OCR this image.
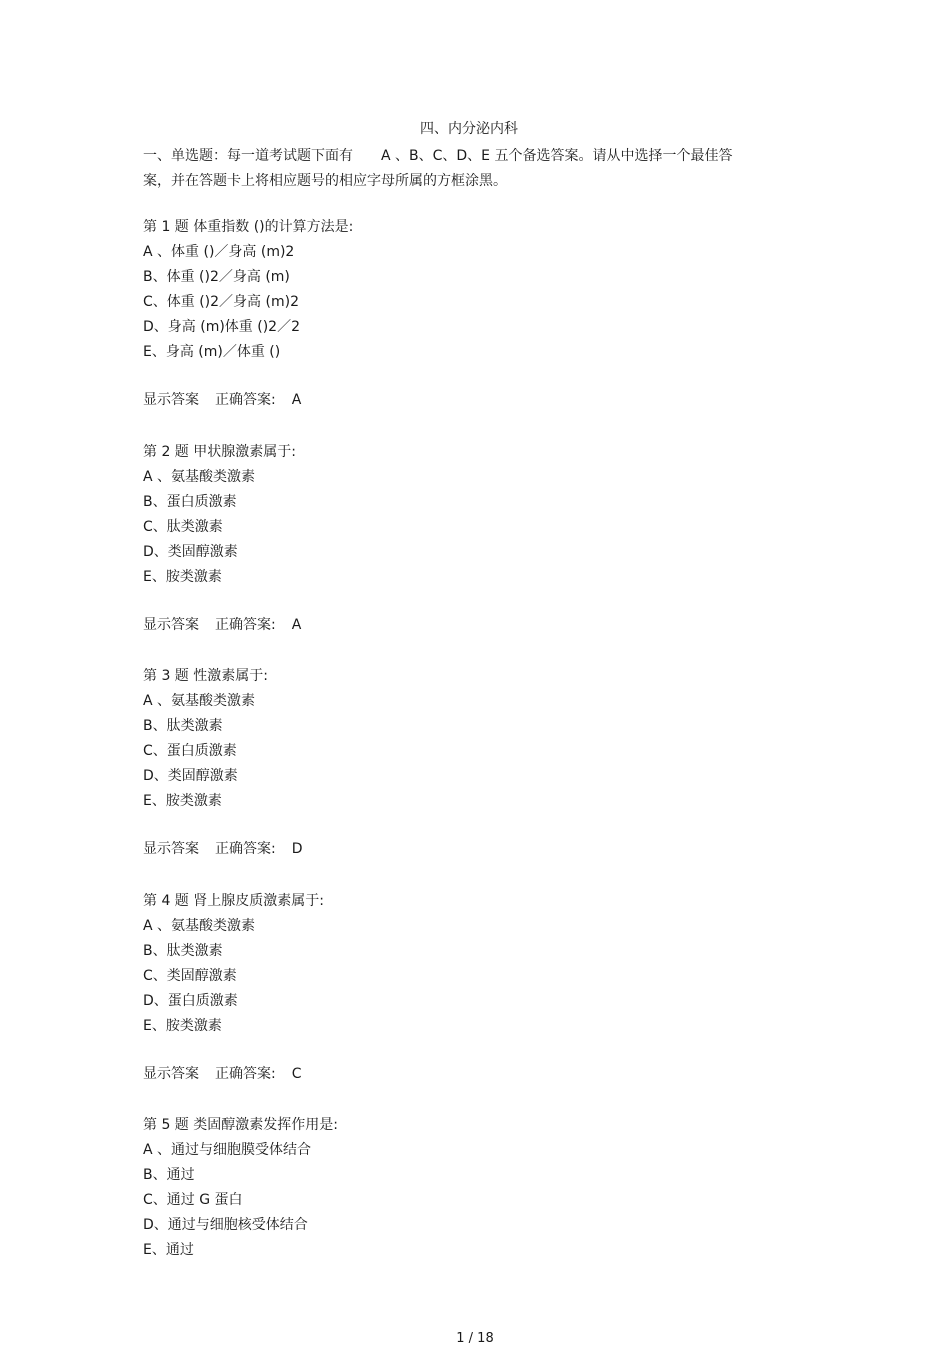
四、内分泌内科
一、单选题：每一道考试题下面有 A 、B、C、D、E 五个备选答案。请从中选择一个最佳答
案，并在答题卡上将相应题号的相应字母所属的方框涂黑。
第 1 题 体重指数 ()的计算方法是:
A 、体重 ()／身高 (m)2
B、体重 ()2／身高 (m)
C、体重 ()2／身高 (m)2
D、身高 (m)体重 ()2／2
E、身高 (m)／体重 ()
显示答案 正确答案: A
第 2 题 甲状腺激素属于:
A 、氨基酸类激素
B、蛋白质激素
C、肽类激素
D、类固醇激素
E、胺类激素
显示答案 正确答案: A
第 3 题 性激素属于:
A 、氨基酸类激素
B、肽类激素
C、蛋白质激素
D、类固醇激素
E、胺类激素
显示答案 正确答案: D
第 4 题 肾上腺皮质激素属于:
A 、氨基酸类激素
B、肽类激素
C、类固醇激素
D、蛋白质激素
E、胺类激素
显示答案 正确答案: C
第 5 题 类固醇激素发挥作用是:
A 、通过与细胞膜受体结合
B、通过
C、通过 G 蛋白
D、通过与细胞核受体结合
E、通过
1 / 18
